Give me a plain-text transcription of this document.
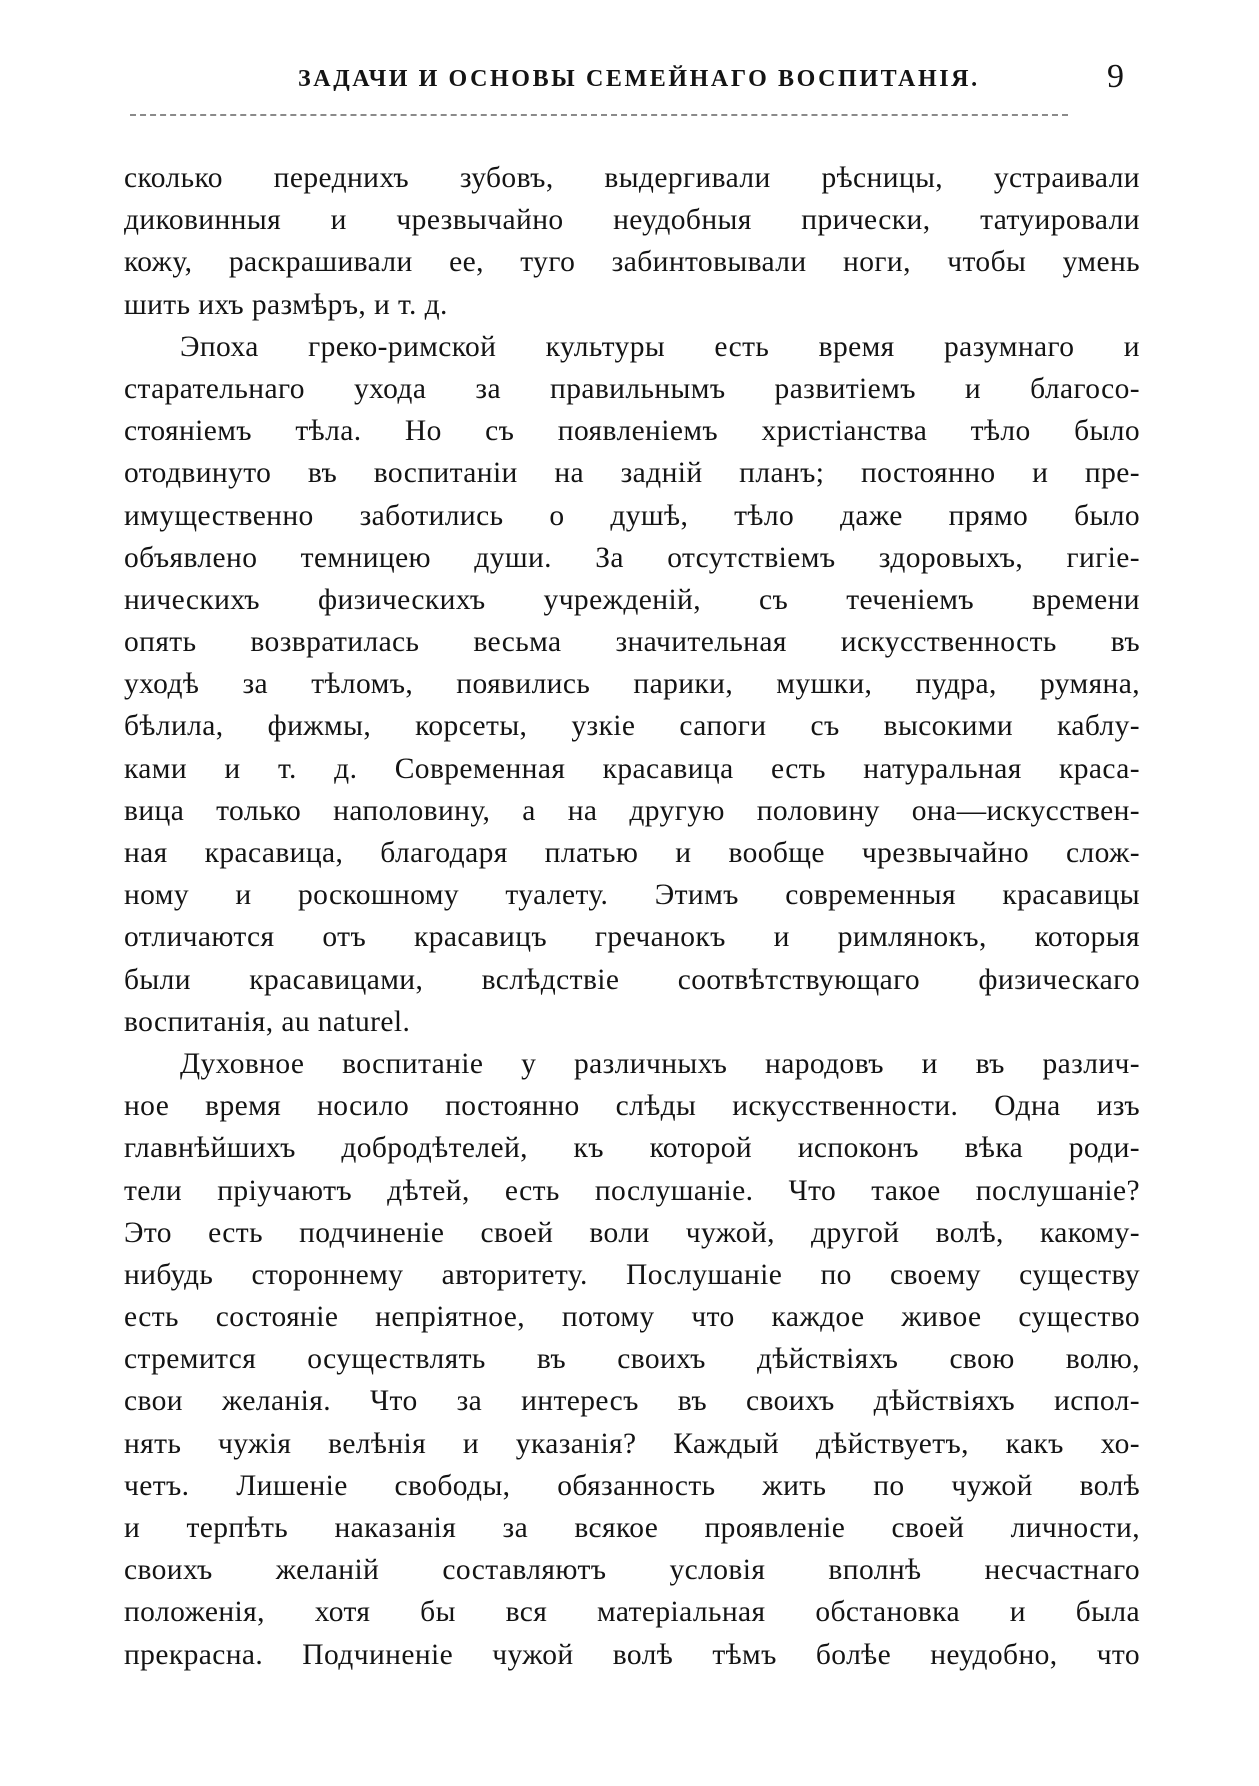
ЗАДАЧИ И ОСНОВЫ СЕМЕЙНАГО ВОСПИТАНІЯ.	9
сколько переднихъ зубовъ, выдергивали рѣсницы, устраивали
диковинныя и чрезвычайно неудобныя прически, татуировали
кожу, раскрашивали ее, туго забинтовывали ноги, чтобы умень
шить ихъ размѣръ, и т. д.
Эпоха греко-римской культуры есть время разумнаго и
старательнаго ухода за правильнымъ развитіемъ и благосо-
стояніемъ тѣла. Но съ появленіемъ христіанства тѣло было
отодвинуто въ воспитаніи на задній планъ; постоянно и пре-
имущественно заботились о душѣ, тѣло даже прямо было
объявлено темницею души. За отсутствіемъ здоровыхъ, гигіе-
ническихъ физическихъ учрежденій, съ теченіемъ времени
опять возвратилась весьма значительная искусственность въ
уходѣ за тѣломъ, появились парики, мушки, пудра, румяна,
бѣлила, фижмы, корсеты, узкіе сапоги съ высокими каблу-
ками и т. д. Современная красавица есть натуральная краса-
вица только наполовину, а на другую половину она—искусствен-
ная красавица, благодаря платью и вообще чрезвычайно слож-
ному и роскошному туалету. Этимъ современныя красавицы
отличаются отъ красавицъ гречанокъ и римлянокъ, которыя
были красавицами, вслѣдствіе соотвѣтствующаго физическаго
воспитанія, au naturel.
Духовное воспитаніе у различныхъ народовъ и въ различ-
ное время носило постоянно слѣды искусственности. Одна изъ
главнѣйшихъ добродѣтелей, къ которой испоконъ вѣка роди-
тели пріучаютъ дѣтей, есть послушаніе. Что такое послушаніе?
Это есть подчиненіе своей воли чужой, другой волѣ, какому-
нибудь стороннему авторитету. Послушаніе по своему существу
есть состояніе непріятное, потому что каждое живое существо
стремится осуществлять въ своихъ дѣйствіяхъ свою волю,
свои желанія. Что за интересъ въ своихъ дѣйствіяхъ испол-
нять чужія велѣнія и указанія? Каждый дѣйствуетъ, какъ хо-
четъ. Лишеніе свободы, обязанность жить по чужой волѣ
и терпѣть наказанія за всякое проявленіе своей личности,
своихъ желаній составляютъ условія вполнѣ несчастнаго
положенія, хотя бы вся матеріальная обстановка и была
прекрасна. Подчиненіе чужой волѣ тѣмъ болѣе неудобно, что
